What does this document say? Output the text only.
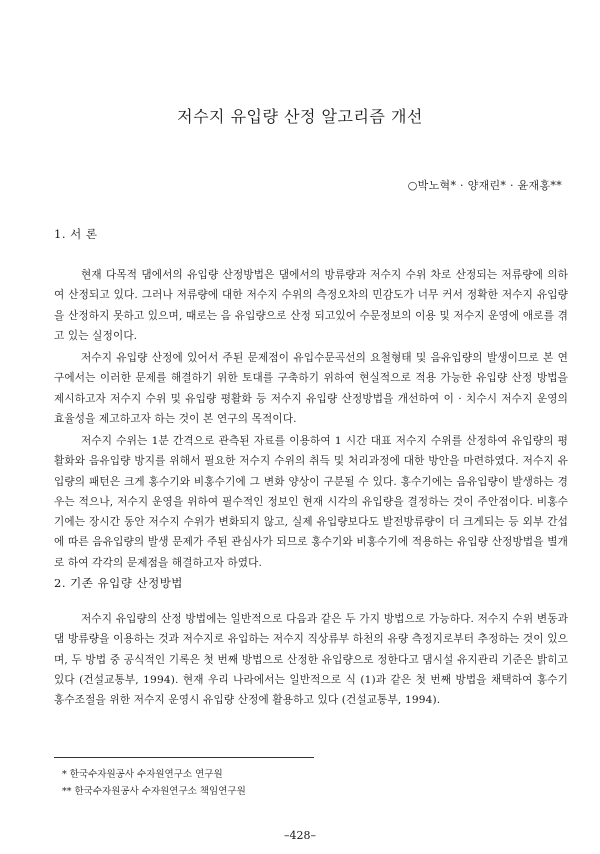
저수지 유입량 산정 알고리즘 개선
○박노혁* · 양재린* · 윤재홍**
1. 서 론
현재 다목적 댐에서의 유입량 산정방법은 댐에서의 방류량과 저수지 수위 차로 산정되는 저류량에 의하여 산정되고 있다. 그러나 저류량에 대한 저수지 수위의 측정오차의 민감도가 너무 커서 정확한 저수지 유입량을 산정하지 못하고 있으며, 때로는 음 유입량으로 산정 되고있어 수문정보의 이용 및 저수지 운영에 애로를 겪고 있는 실정이다.
저수지 유입량 산정에 있어서 주된 문제점이 유입수문곡선의 요철형태 및 음유입량의 발생이므로 본 연구에서는 이러한 문제를 해결하기 위한 토대를 구축하기 위하여 현실적으로 적용 가능한 유입량 산정 방법을 제시하고자 저수지 수위 및 유입량 평활화 등 저수지 유입량 산정방법을 개선하여 이 · 치수시 저수지 운영의 효율성을 제고하고자 하는 것이 본 연구의 목적이다.
저수지 수위는 1분 간격으로 관측된 자료를 이용하여 1 시간 대표 저수지 수위를 산정하여 유입량의 평활화와 음유입량 방지를 위해서 필요한 저수지 수위의 취득 및 처리과정에 대한 방안을 마련하였다. 저수지 유입량의 패턴은 크게 홍수기와 비홍수기에 그 변화 양상이 구분될 수 있다. 홍수기에는 음유입량이 발생하는 경우는 적으나, 저수지 운영을 위하여 필수적인 정보인 현재 시각의 유입량을 결정하는 것이 주안점이다. 비홍수기에는 장시간 동안 저수지 수위가 변화되지 않고, 실제 유입량보다도 발전방류량이 더 크게되는 등 외부 간섭에 따른 음유입량의 발생 문제가 주된 관심사가 되므로 홍수기와 비홍수기에 적용하는 유입량 산정방법을 별개로 하여 각각의 문제점을 해결하고자 하였다.
2. 기존 유입량 산정방법
저수지 유입량의 산정 방법에는 일반적으로 다음과 같은 두 가지 방법으로 가능하다. 저수지 수위 변동과 댐 방류량을 이용하는 것과 저수지로 유입하는 저수지 직상류부 하천의 유량 측정지로부터 추정하는 것이 있으며, 두 방법 중 공식적인 기록은 첫 번째 방법으로 산정한 유입량으로 정한다고 댐시설 유지관리 기준은 밝히고 있다 (건설교통부, 1994). 현재 우리 나라에서는 일반적으로 식 (1)과 같은 첫 번째 방법을 채택하여 홍수기 홍수조절을 위한 저수지 운영시 유입량 산정에 활용하고 있다 (건설교통부, 1994).
* 한국수자원공사 수자원연구소 연구원
** 한국수자원공사 수자원연구소 책임연구원
–428–
